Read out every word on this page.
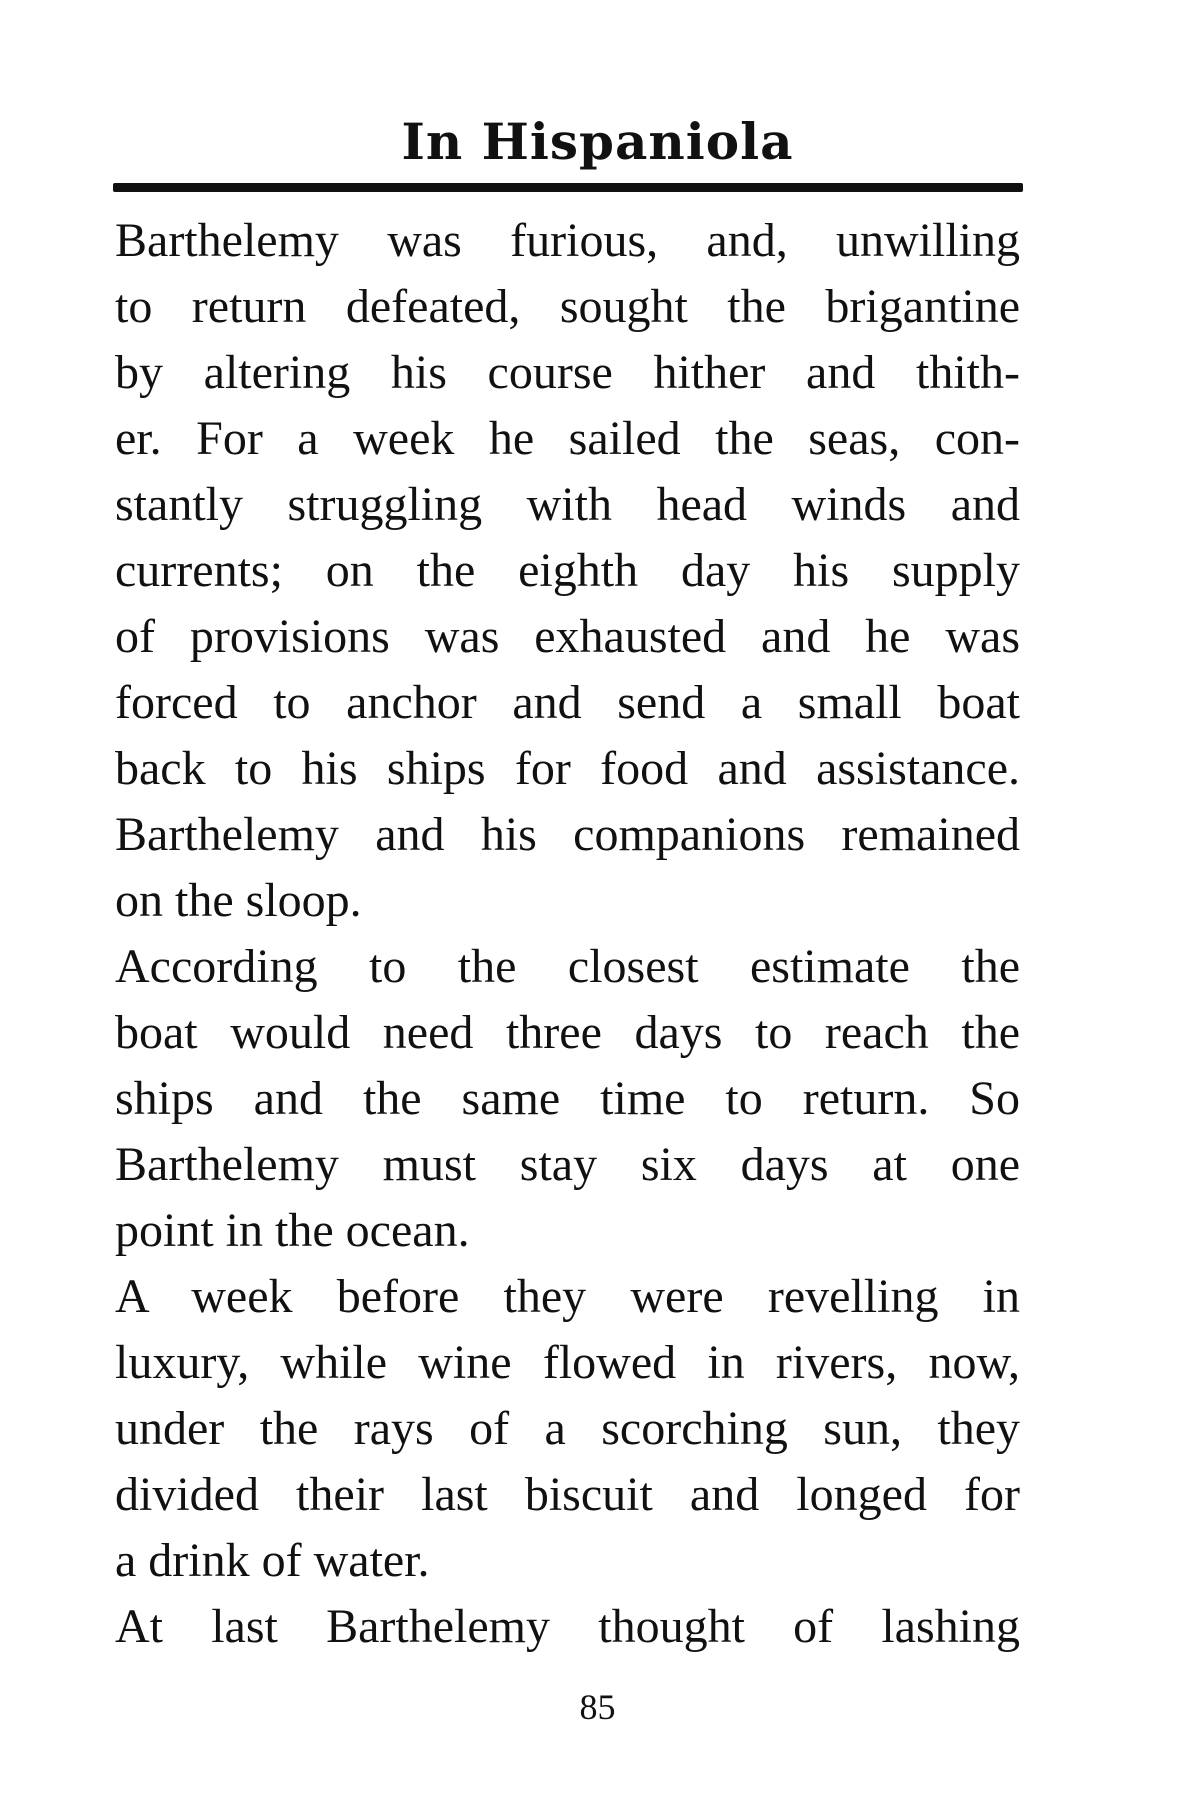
In Hispaniola
Barthelemy was furious, and, unwilling
to return defeated, sought the brigantine
by altering his course hither and thith-
er. For a week he sailed the seas, con-
stantly struggling with head winds and
currents; on the eighth day his supply
of provisions was exhausted and he was
forced to anchor and send a small boat
back to his ships for food and assistance.
Barthelemy and his companions remained
on the sloop.
According to the closest estimate the
boat would need three days to reach the
ships and the same time to return. So
Barthelemy must stay six days at one
point in the ocean.
A week before they were revelling in
luxury, while wine flowed in rivers, now,
under the rays of a scorching sun, they
divided their last biscuit and longed for
a drink of water.
At last Barthelemy thought of lashing
85
